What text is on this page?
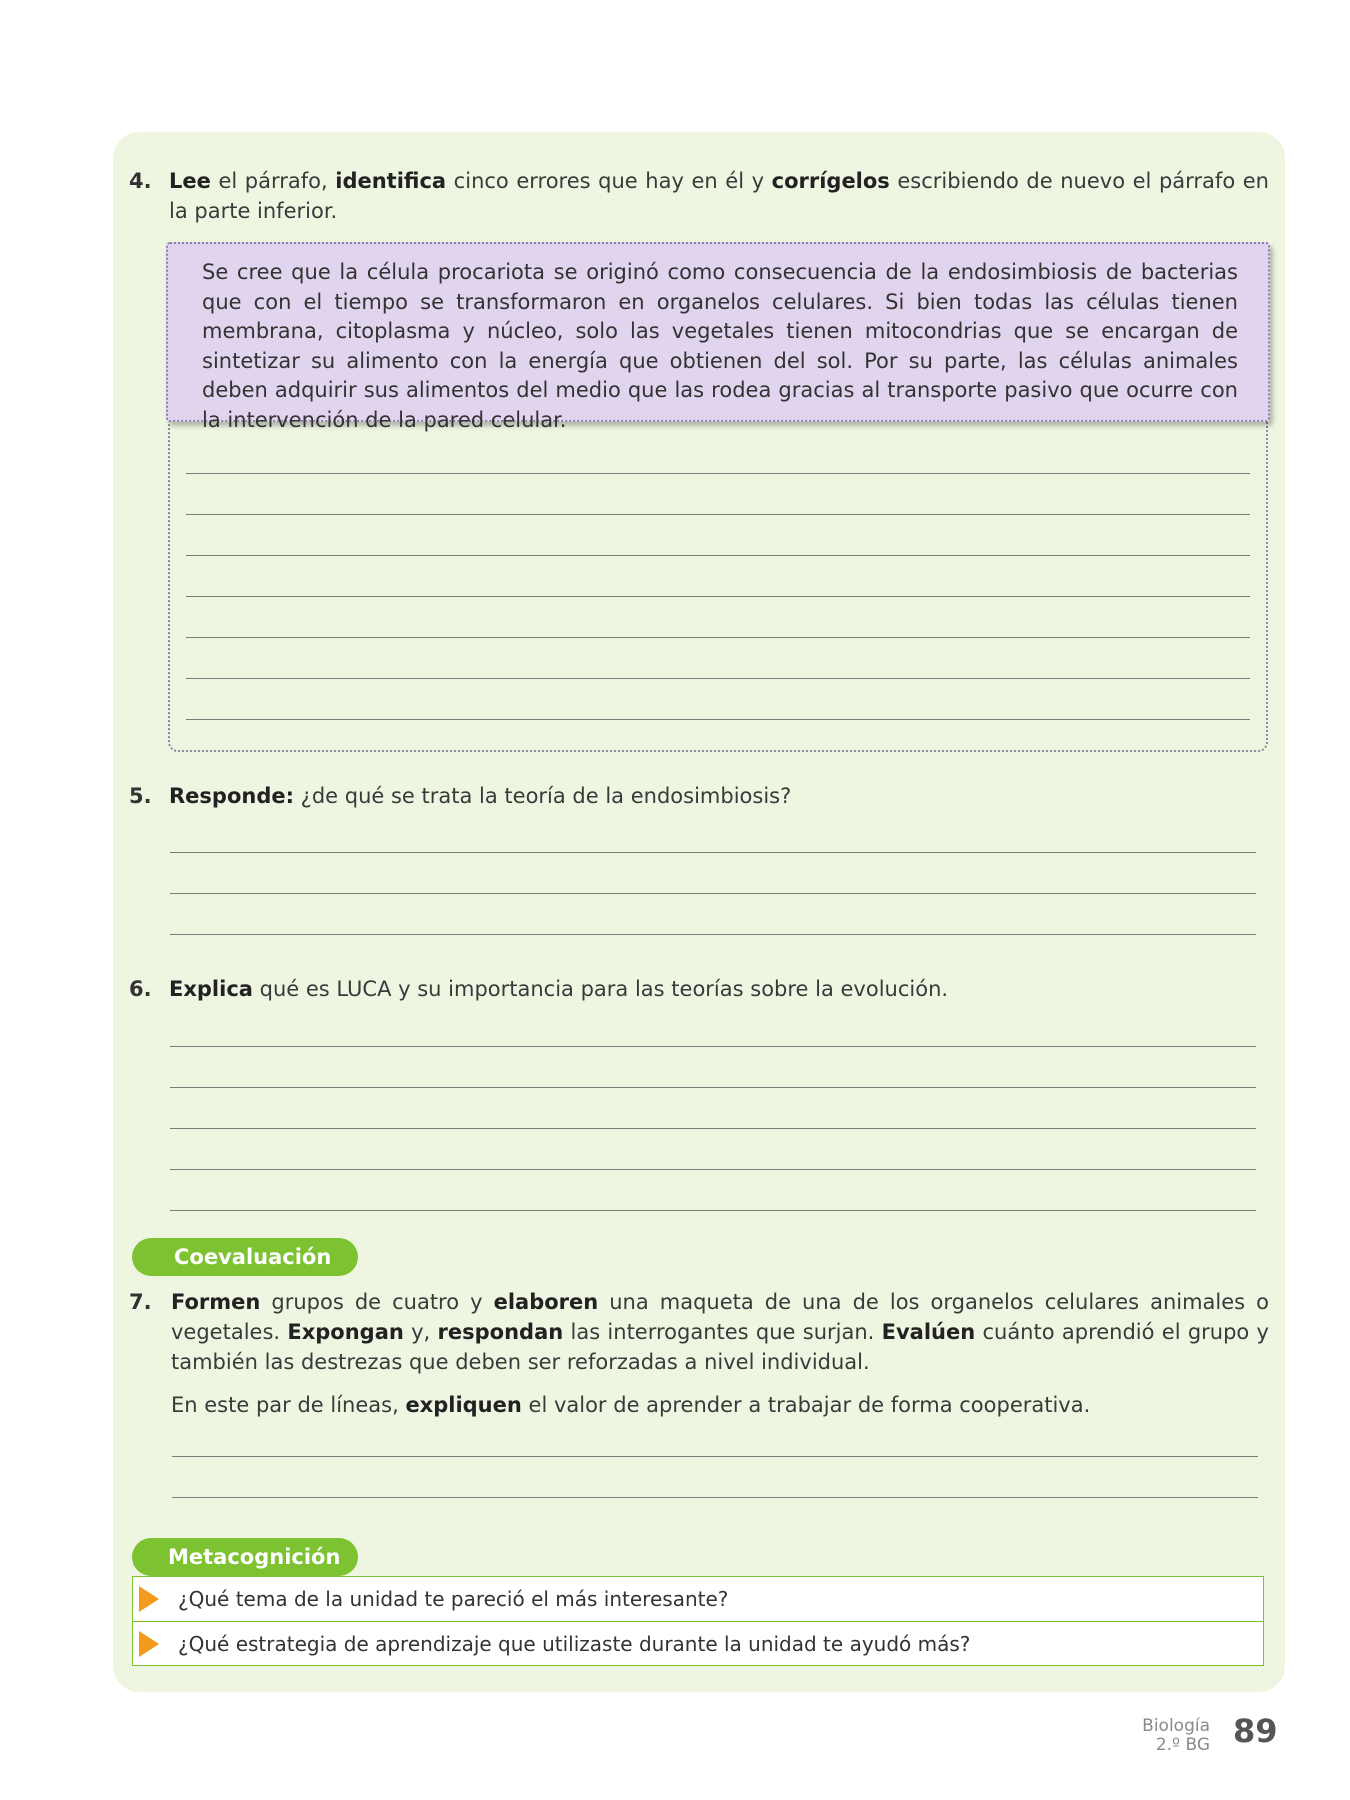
4. Lee el párrafo, identifica cinco errores que hay en él y corrígelos escribiendo de nuevo el párrafo en la parte inferior.

Se cree que la célula procariota se originó como consecuencia de la endosimbiosis de bacterias que con el tiempo se transformaron en organelos celulares. Si bien todas las células tienen membrana, citoplasma y núcleo, solo las vegetales tienen mitocondrias que se encargan de sintetizar su alimento con la energía que obtienen del sol. Por su parte, las células animales deben adquirir sus alimentos del medio que las rodea gracias al transporte pasivo que ocurre con la intervención de la pared celular.

5. Responde: ¿de qué se trata la teoría de la endosimbiosis?
6. Explica qué es LUCA y su importancia para las teorías sobre la evolución.
Coevaluación
7. Formen grupos de cuatro y elaboren una maqueta de una de los organelos celulares animales o vegetales. Expongan y, respondan las interrogantes que surjan. Evalúen cuánto aprendió el grupo y también las destrezas que deben ser reforzadas a nivel individual.
En este par de líneas, expliquen el valor de aprender a trabajar de forma cooperativa.
Metacognición
¿Qué tema de la unidad te pareció el más interesante?
¿Qué estrategia de aprendizaje que utilizaste durante la unidad te ayudó más?
Biología
2.º BG 89
